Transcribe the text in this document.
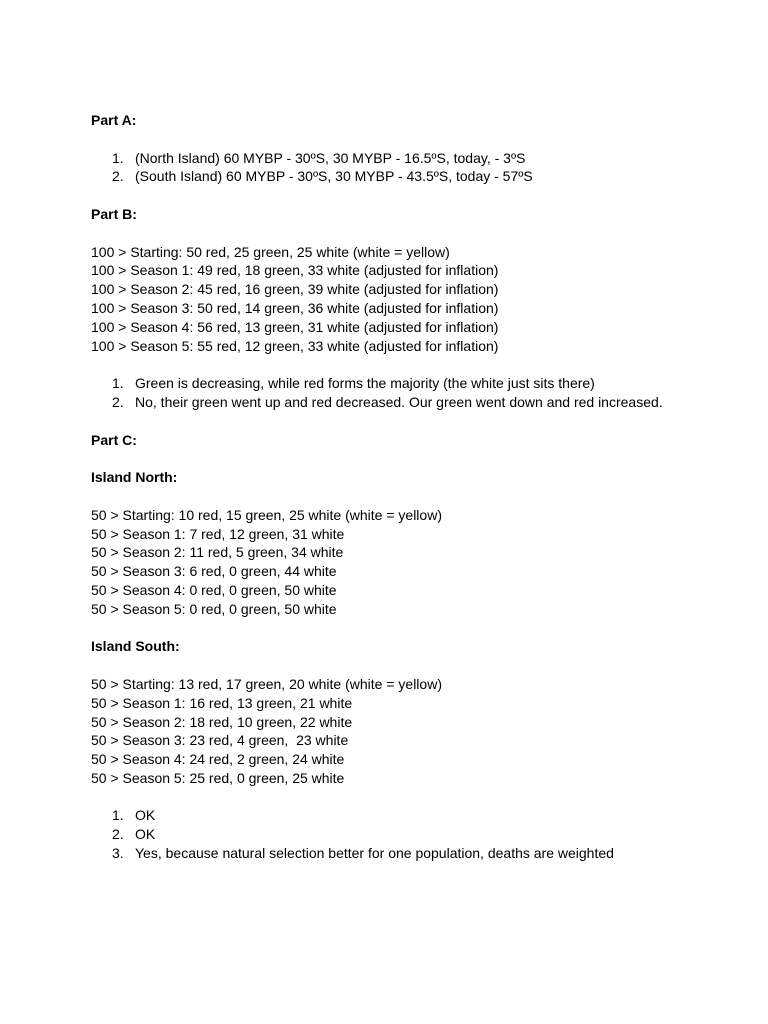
Part A:
1. (North Island) 60 MYBP - 30ºS, 30 MYBP - 16.5ºS, today, - 3ºS
2. (South Island) 60 MYBP - 30ºS, 30 MYBP - 43.5ºS, today - 57ºS
Part B:
100 > Starting: 50 red, 25 green, 25 white (white = yellow)
100 > Season 1: 49 red, 18 green, 33 white (adjusted for inflation)
100 > Season 2: 45 red, 16 green, 39 white (adjusted for inflation)
100 > Season 3: 50 red, 14 green, 36 white (adjusted for inflation)
100 > Season 4: 56 red, 13 green, 31 white (adjusted for inflation)
100 > Season 5: 55 red, 12 green, 33 white (adjusted for inflation)
1. Green is decreasing, while red forms the majority (the white just sits there)
2. No, their green went up and red decreased. Our green went down and red increased.
Part C:
Island North:
50 > Starting: 10 red, 15 green, 25 white (white = yellow)
50 > Season 1: 7 red, 12 green, 31 white
50 > Season 2: 11 red, 5 green, 34 white
50 > Season 3: 6 red, 0 green, 44 white
50 > Season 4: 0 red, 0 green, 50 white
50 > Season 5: 0 red, 0 green, 50 white
Island South:
50 > Starting: 13 red, 17 green, 20 white (white = yellow)
50 > Season 1: 16 red, 13 green, 21 white
50 > Season 2: 18 red, 10 green, 22 white
50 > Season 3: 23 red, 4 green,  23 white
50 > Season 4: 24 red, 2 green, 24 white
50 > Season 5: 25 red, 0 green, 25 white
1. OK
2. OK
3. Yes, because natural selection better for one population, deaths are weighted
